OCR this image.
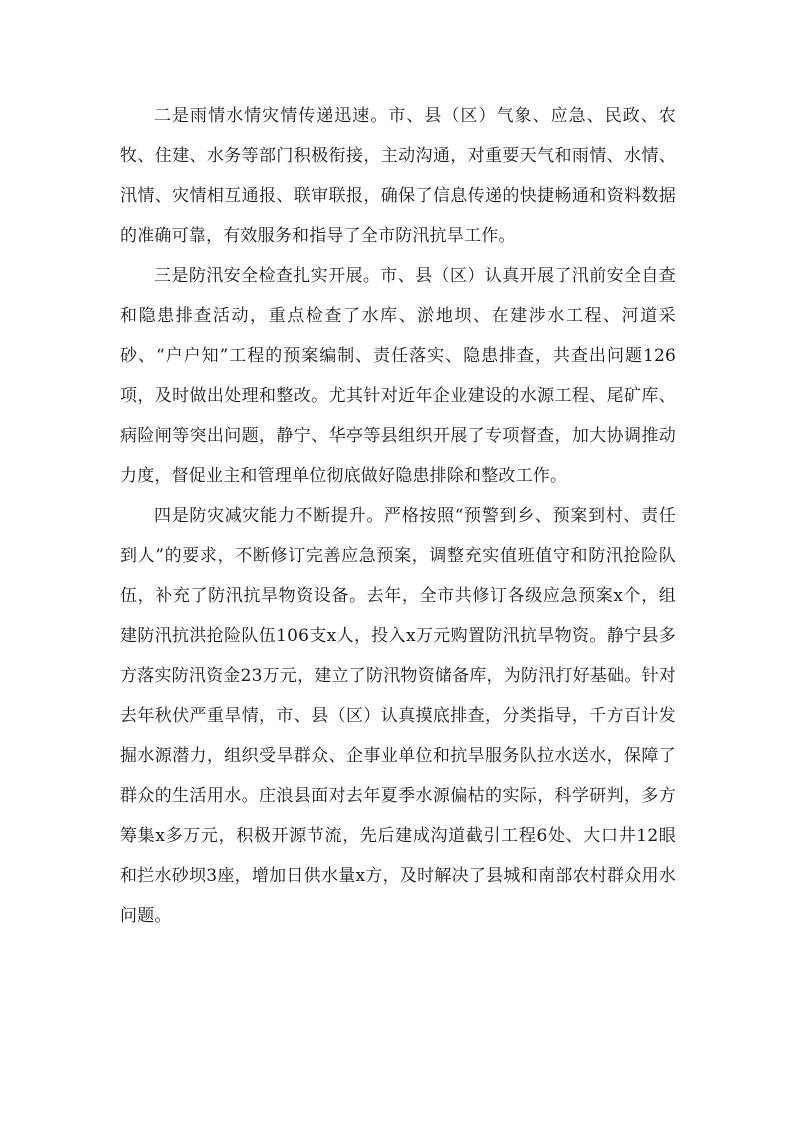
二是雨情水情灾情传递迅速。市、县（区）气象、应急、民政、农牧、住建、水务等部门积极衔接，主动沟通，对重要天气和雨情、水情、汛情、灾情相互通报、联审联报，确保了信息传递的快捷畅通和资料数据的准确可靠，有效服务和指导了全市防汛抗旱工作。

三是防汛安全检查扎实开展。市、县（区）认真开展了汛前安全自查和隐患排查活动，重点检查了水库、淤地坝、在建涉水工程、河道采砂、“户户知”工程的预案编制、责任落实、隐患排查，共查出问题126项，及时做出处理和整改。尤其针对近年企业建设的水源工程、尾矿库、病险闸等突出问题，静宁、华亭等县组织开展了专项督查，加大协调推动力度，督促业主和管理单位彻底做好隐患排除和整改工作。

四是防灾减灾能力不断提升。严格按照“预警到乡、预案到村、责任到人”的要求，不断修订完善应急预案，调整充实值班值守和防汛抢险队伍，补充了防汛抗旱物资设备。去年，全市共修订各级应急预案x个，组建防汛抗洪抢险队伍106支x人，投入x万元购置防汛抗旱物资。静宁县多方落实防汛资金23万元，建立了防汛物资储备库，为防汛打好基础。针对去年秋伏严重旱情，市、县（区）认真摸底排查，分类指导，千方百计发掘水源潜力，组织受旱群众、企事业单位和抗旱服务队拉水送水，保障了群众的生活用水。庄浪县面对去年夏季水源偏枯的实际，科学研判，多方筹集x多万元，积极开源节流，先后建成沟道截引工程6处、大口井12眼和拦水砂坝3座，增加日供水量x方，及时解决了县城和南部农村群众用水问题。
